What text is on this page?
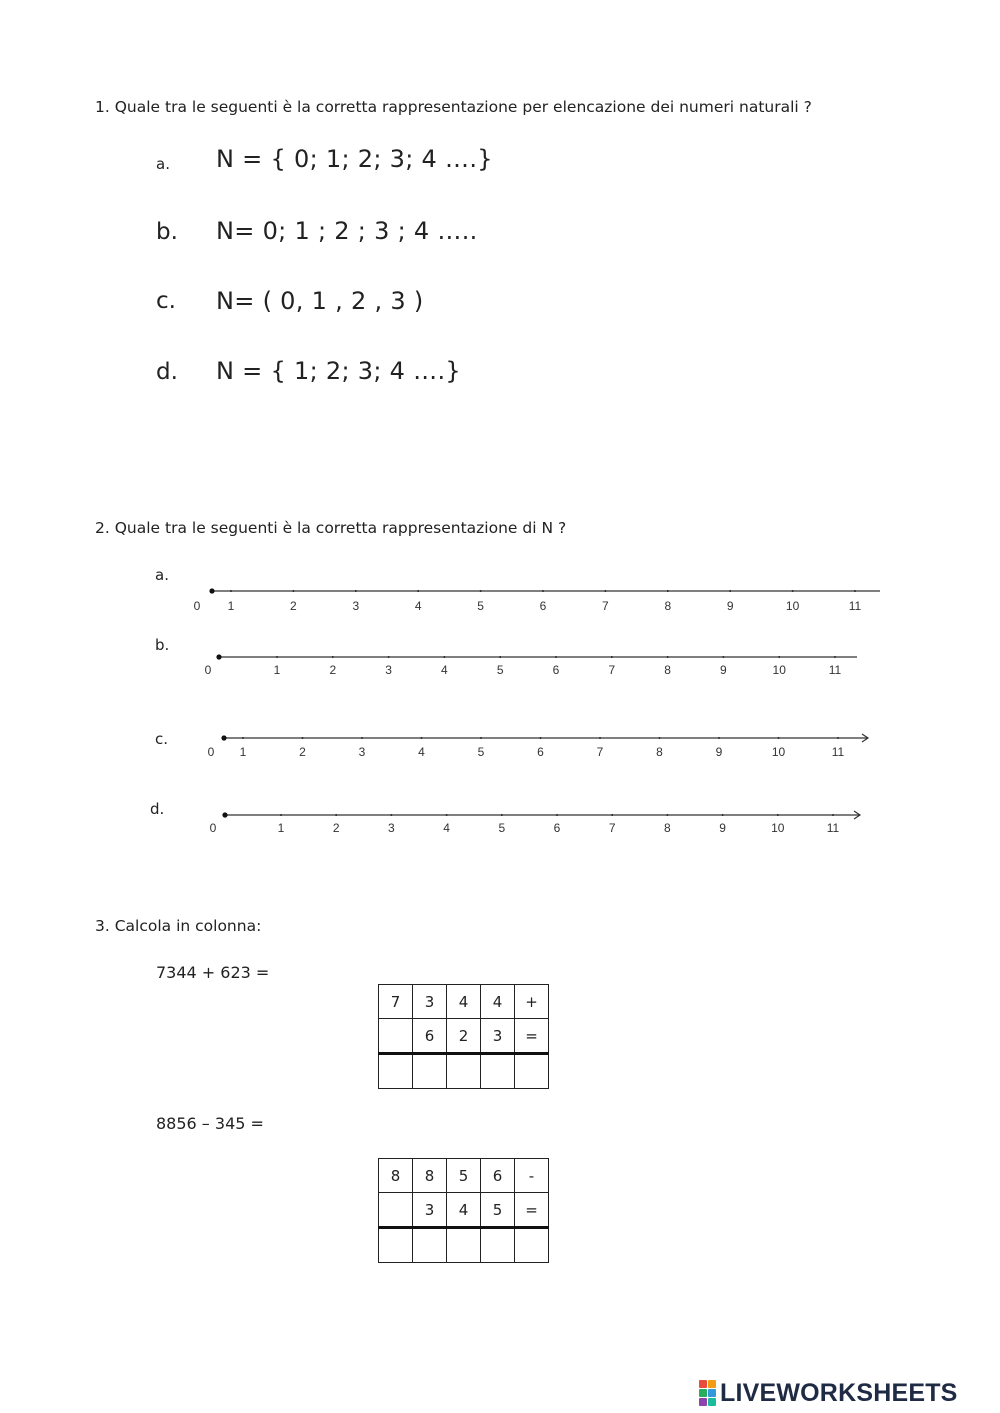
1. Quale tra le seguenti è la corretta rappresentazione per elencazione dei numeri naturali ?
a. N = { 0; 1; 2; 3; 4 ….}
b. N= 0; 1 ; 2 ; 3 ; 4 …..
c. N= ( 0, 1 , 2 , 3 )
d. N = { 1; 2; 3; 4 ….}
2. Quale tra le seguenti è la corretta rappresentazione di N ?
a.
0 1	2	3	4	5	6	7	8	9	10	11
b.
0	1	2	3	4	5	6	7	8	9	10	11
c.
0 1	2	3	4	5	6	7	8	9	10	11
d.
0	1	2	3	4	5	6	7	8	9	10	11
3. Calcola in colonna:
7344 + 623 =
7	3	4	4	+
	6	2	3	=

8856 – 345 =
8	8	5	6	-
	3	4	5	=

LIVEWORKSHEETS
